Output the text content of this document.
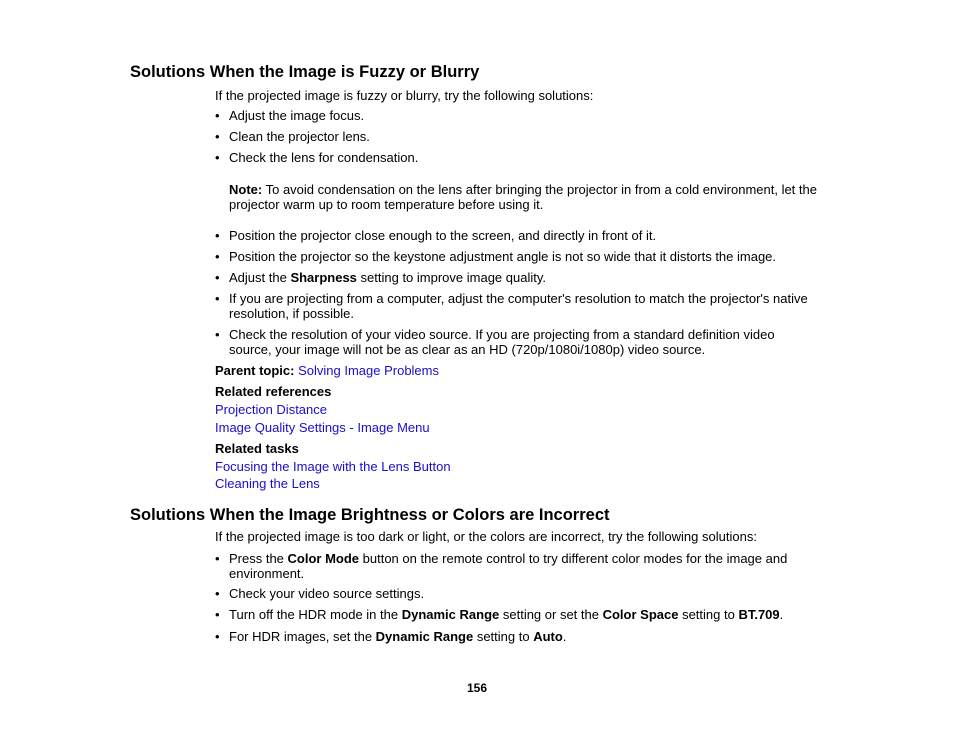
Solutions When the Image is Fuzzy or Blurry

If the projected image is fuzzy or blurry, try the following solutions:

• Adjust the image focus.

• Clean the projector lens.

• Check the lens for condensation.

Note: To avoid condensation on the lens after bringing the projector in from a cold environment, let the
projector warm up to room temperature before using it.
• Position the projector close enough to the screen, and directly in front of it.

• Position the projector so the keystone adjustment angle is not so wide that it distorts the image.

• Adjust the Sharpness setting to improve image quality.

• If you are projecting from a computer, adjust the computer's resolution to match the projector's native
resolution, if possible.
• Check the resolution of your video source. If you are projecting from a standard definition video
source, your image will not be as clear as an HD (720p/1080i/1080p) video source.

Parent topic: Solving Image Problems

Related references

Projection Distance

Image Quality Settings - Image Menu

Related tasks

Focusing the Image with the Lens Button

Cleaning the Lens

Solutions When the Image Brightness or Colors are Incorrect

If the projected image is too dark or light, or the colors are incorrect, try the following solutions:

• Press the Color Mode button on the remote control to try different color modes for the image and
environment.
• Check your video source settings.

• Turn off the HDR mode in the Dynamic Range setting or set the Color Space setting to BT.709.

• For HDR images, set the Dynamic Range setting to Auto.

156
